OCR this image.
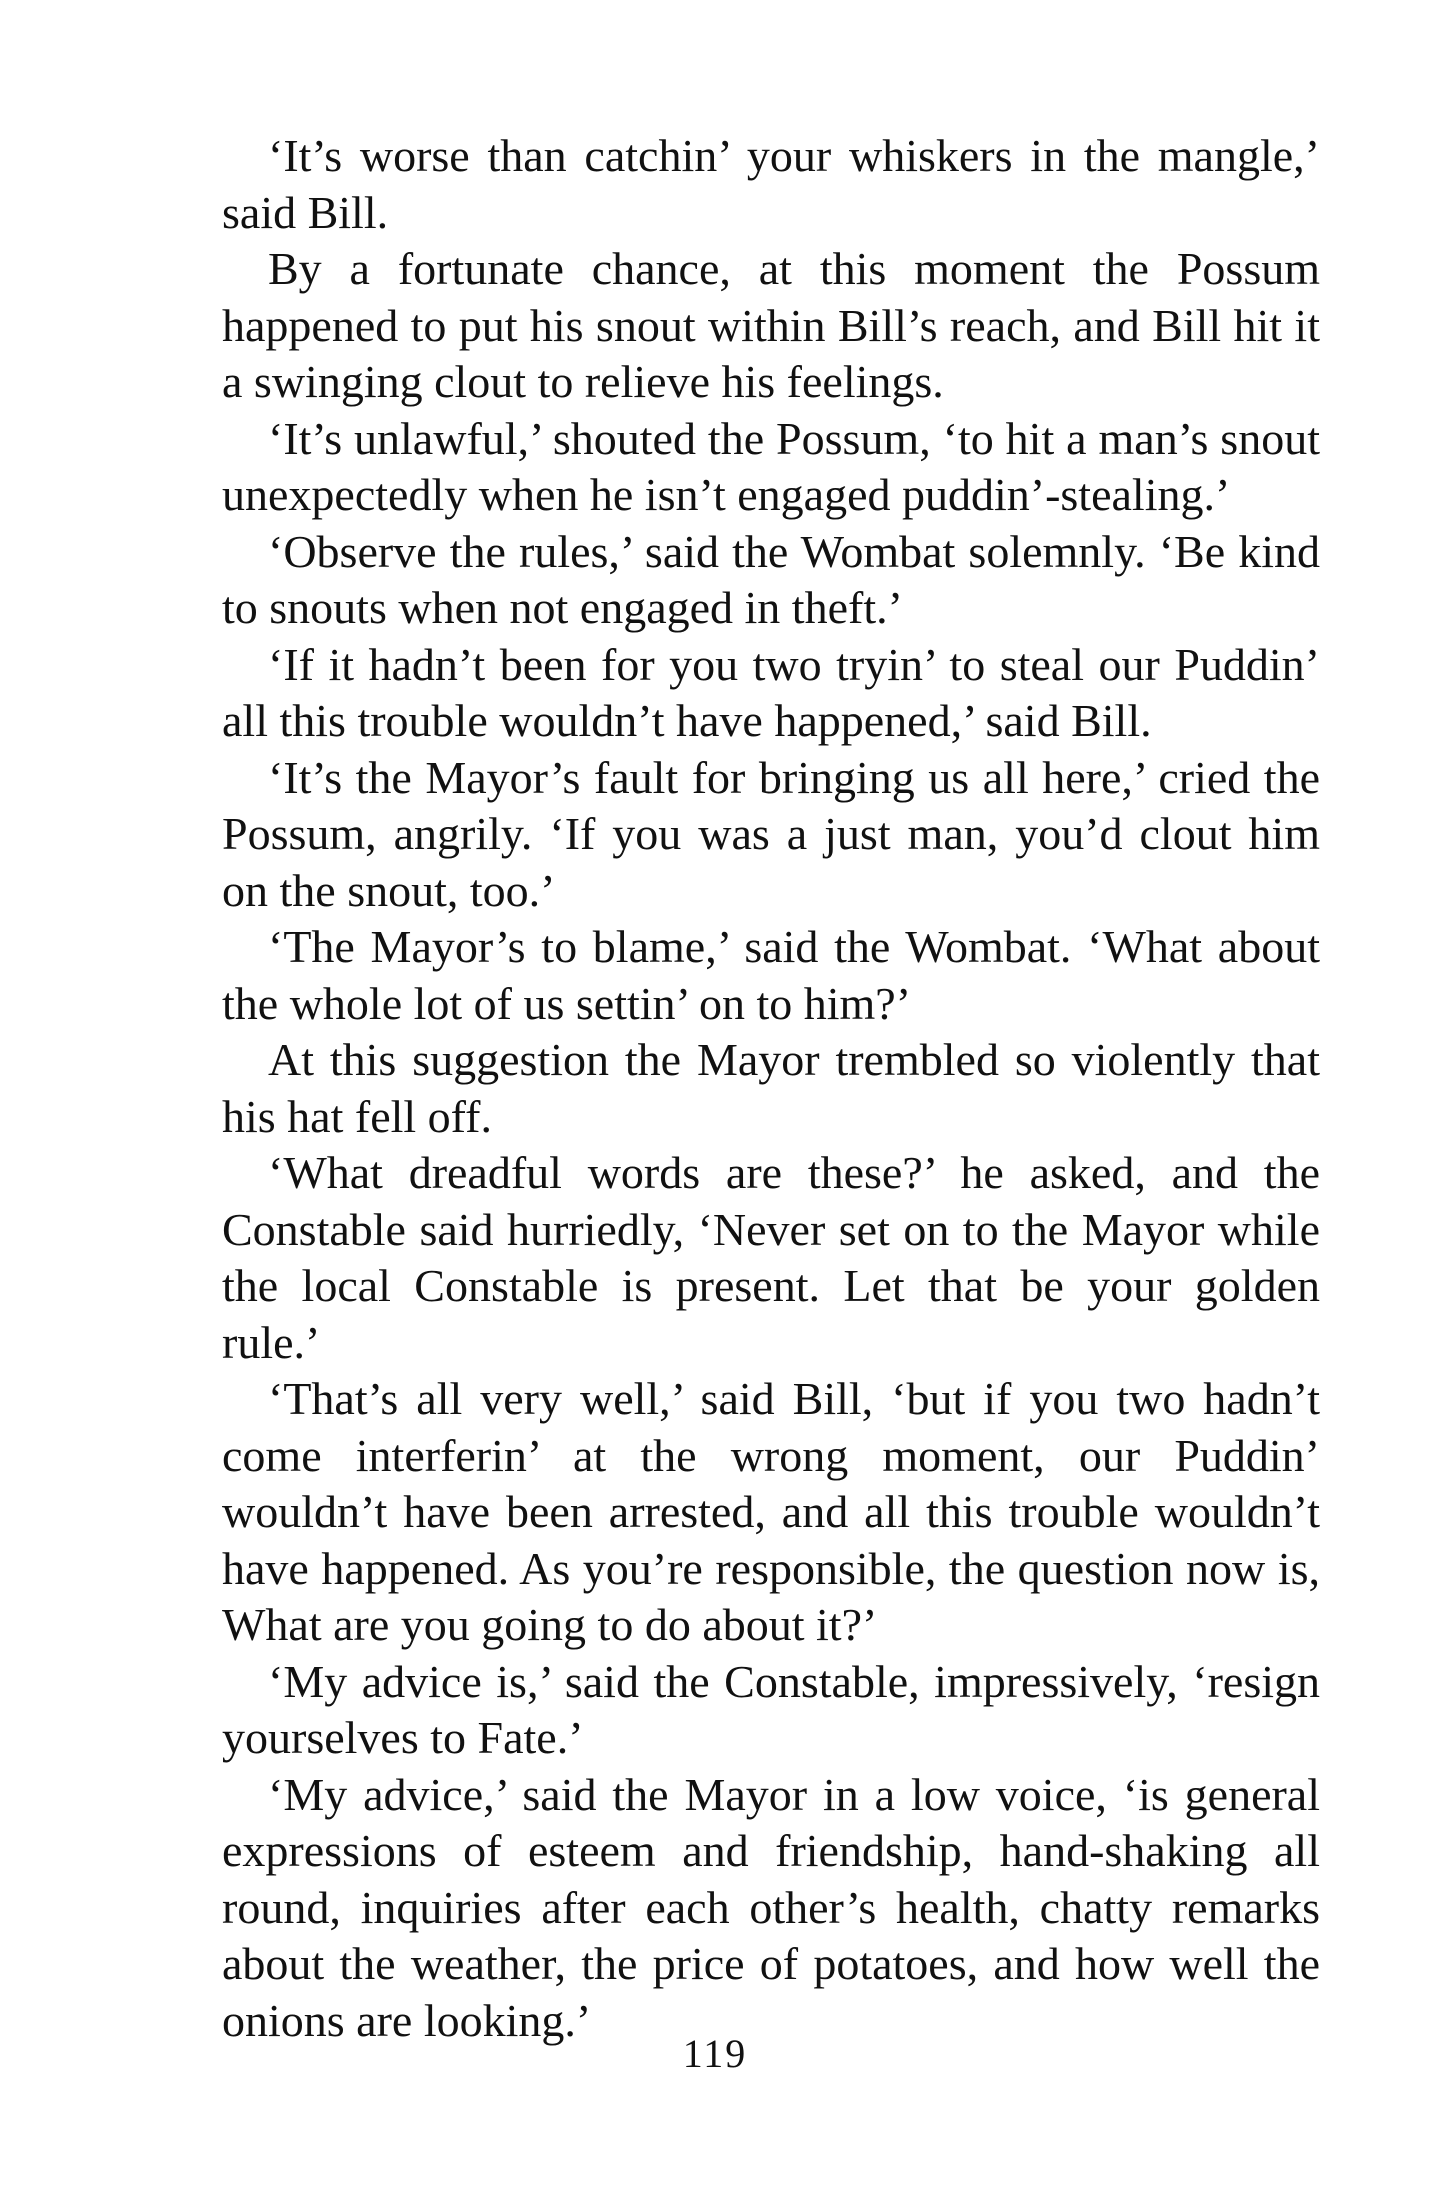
‘It’s worse than catchin’ your whiskers in the mangle,’ said Bill.

By a fortunate chance, at this moment the Possum happened to put his snout within Bill’s reach, and Bill hit it a swinging clout to relieve his feelings.

‘It’s unlawful,’ shouted the Possum, ‘to hit a man’s snout unexpectedly when he isn’t engaged puddin’-stealing.’

‘Observe the rules,’ said the Wombat solemnly. ‘Be kind to snouts when not engaged in theft.’

‘If it hadn’t been for you two tryin’ to steal our Puddin’ all this trouble wouldn’t have happened,’ said Bill.

‘It’s the Mayor’s fault for bringing us all here,’ cried the Possum, angrily. ‘If you was a just man, you’d clout him on the snout, too.’

‘The Mayor’s to blame,’ said the Wombat. ‘What about the whole lot of us settin’ on to him?’

At this suggestion the Mayor trembled so violently that his hat fell off.

‘What dreadful words are these?’ he asked, and the Constable said hurriedly, ‘Never set on to the Mayor while the local Constable is present. Let that be your golden rule.’

‘That’s all very well,’ said Bill, ‘but if you two hadn’t come interferin’ at the wrong moment, our Puddin’ wouldn’t have been arrested, and all this trouble wouldn’t have happened. As you’re responsible, the question now is, What are you going to do about it?’

‘My advice is,’ said the Constable, impressively, ‘resign yourselves to Fate.’

‘My advice,’ said the Mayor in a low voice, ‘is general expressions of esteem and friendship, hand-shaking all round, inquiries after each other’s health, chatty remarks about the weather, the price of potatoes, and how well the onions are looking.’

119
